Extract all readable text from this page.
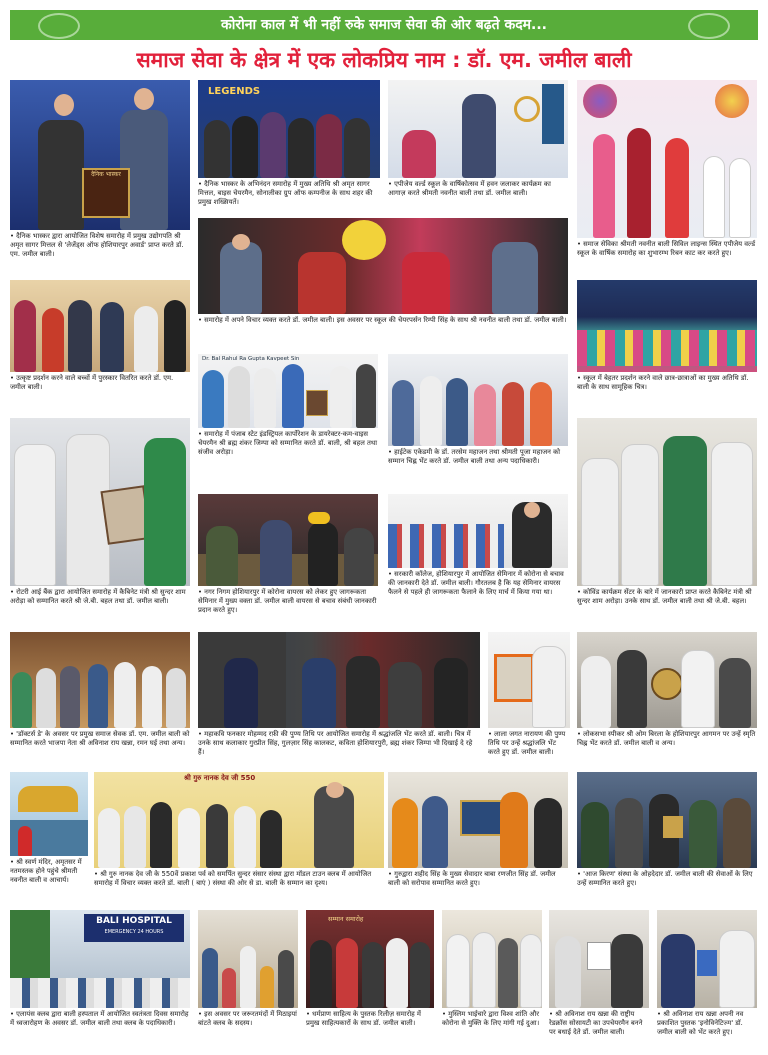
कोरोना काल में भी नहीं रुके समाज सेवा की ओर बढ़ते कदम...
समाज सेवा के क्षेत्र में एक लोकप्रिय नाम : डॉ. एम. जमील बाली
दैनिक भास्कर
• दैनिक भास्कर द्वारा आयोजित विशेष समारोह में प्रमुख उद्योगपति श्री अमृत सागर मित्तल से 'लेजेंड्स ऑफ होशियारपुर अवार्ड' प्राप्त करते डॉ. एम. जमील बाली।
LEGENDS
• दैनिक भास्कर के अभिनंदन समारोह में मुख्य अतिथि श्री अमृत सागर मित्तल, बाइस चेयरमैन, सोनालीका ग्रुप ऑफ कम्पनीज के साथ शहर की प्रमुख शख्सियतें।
• एपीजेय वर्ल्ड स्कूल के वार्षिकोत्सव में हवन जलाकर कार्यक्रम का आगाज़ करते श्रीमती नवनीत बाली तथा डॉ. जमील बाली।
• समाज सेविका श्रीमती नवनीत बाली सिविल लाइन्स स्थित एपीजेय वर्ल्ड स्कूल के वार्षिक समारोह का शुभारम्भ रिबन काट कर करते हुए।
• समारोह में अपने विचार व्यक्त करते डॉ. जमील बाली। इस अवसर पर स्कूल की चेयरपर्सन रिम्पी सिंह के साथ श्री नवनीत बाली तथा डॉ. जमील बाली।
• उत्कृष्ट प्रदर्शन करने वाले बच्चों में पुरस्कार वितरित करते डॉ. एम. जमील बाली।
• स्कूल में बेहतर प्रदर्शन करने वाले छात्र-छात्राओं का मुख्य अतिथि डॉ. बाली के साथ सामूहिक चित्र।
Dr. Bal Rahul Ra Gupta Kavpeet Sin
• समारोह में पंजाब स्टेट इंडस्ट्रियल कार्पोरेशन के डायरेक्टर-कम-वाइस चेयरमैन श्री ब्रह्म शंकर जिम्पा को सम्मानित करते डॉ. बाली, श्री बहल तथा संजीव अरोड़ा।	• हाईटेक एकेडमी के डॉ. तरसेम महाजन तथा श्रीमती पूजा महाजन को सम्मान चिह्न भेंट करते डॉ. जमील बाली तथा अन्य पदाधिकारी।
• रोटरी आई बैंक द्वारा आयोजित समारोह में कैबिनेट मंत्री श्री सुन्दर शाम अरोड़ा को सम्मानित करते श्री जे.बी. बहल तथा डॉ. जमील बाली।
• नगर निगम होशियारपुर में कोरोना वायरस को लेकर हुए जागरूकता सेमिनार में मुख्य वक्ता डॉ. जमील बाली वायरस से बचाव संबंधी जानकारी प्रदान करते हुए।
• सरकारी कॉलेज, होशियारपुर में आयोजित सेमिनार में कोरोना से बचाव की जानकारी देते डॉ. जमील बाली। गौरतलब है कि यह सेमिनार वायरस फैलने से पहले ही जागरूकता फैलाने के लिए मार्च में किया गया था।	• कोविंड कार्यक्रम सेंटर के बारे में जानकारी प्राप्त करते कैबिनेट मंत्री श्री सुन्दर शाम अरोड़ा। उनके साथ डॉ. जमील बाली तथा श्री जे.बी. बहल।
• 'डॉक्टर्स डे' के अवसर पर प्रमुख समाज सेवक डॉ. एम. जमील बाली को सम्मानित करते भाजपा नेता श्री अविनाश राय खन्ना, रमन घई तथा अन्य।
• महाकवि फनकार मोहम्मद रफ़ी की पुण्य तिथि पर आयोजित समारोह में श्रद्धांजलि भेंट करते डॉ. बाली। चित्र में उनके साथ कलाकार गुरप्रीत सिंह, गुलज़ार सिंह कालकट, कविता होशियारपुरी, ब्रह्म शंकर जिम्पा भी दिखाई दे रहे हैं।
• लाला जगत नारायण की पुण्य तिथि पर उन्हें श्रद्धांजलि भेंट करते हुए डॉ. जमील बाली।
• लोकसभा स्पीकर श्री ओम बिरला के होशियारपुर आगमन पर उन्हें स्मृति चिह्न भेंट करते डॉ. जमील बाली व अन्य।
• श्री स्वर्ण मंदिर, अमृतसर में नतमस्तक होने पहुंचे श्रीमती नवनीत बाली व आचार्य।
श्री गुरु नानक देव जी 550
• श्री गुरु नानक देव जी के 550वें प्रकाश पर्व को समर्पित सुन्दर संसार संस्था द्वारा मॉडल टाउन क्लब में आयोजित समारोह में विचार व्यक्त करते डॉ. बाली ( बाएं ) संस्था की ओर से डा. बाली के सम्मान का दृश्य।
• गुरुद्वारा शहीद सिंह के मुख्य सेवादार बाबा रणजीत सिंह डॉ. जमील बाली को सरोपाव सम्मानित करते हुए।
• 'आज किरण' संस्था के ओहदेदार डॉ. जमील बाली की सेवाओं के लिए उन्हें सम्मानित करते हुए।
BALI HOSPITAL
EMERGENCY 24 HOURS
• एलायंस क्लब द्वारा बाली हस्पताल में आयोजित स्वतंत्रता दिवस समारोह में ध्वजारोहण के अवसर डॉ. जमील बाली तथा क्लब के पदाधिकारी।
• इस अवसर पर जरूरतमंदों में मिठाइयां बांटते क्लब के सदस्य।
सम्मान समारोह
• धर्मप्राण साहित्य के पुस्तक रिलीज़ समारोह में प्रमुख साहित्यकारों के साथ डॉ. जमील बाली।
• मुस्लिम भाईचारे द्वारा विश्व शांति और कोरोना से मुक्ति के लिए मांगी गई दुआ।
• श्री अविनाश राय खन्ना की राष्ट्रीय रेडक्रॉस सोसायटी का उपचेयरमैन बनने पर बधाई देते डॉ. जमील बाली।
• श्री अविनाश राय खन्ना अपनी नव प्रकाशित पुस्तक 'इनोविनेटिज्म' डॉ. जमील बाली को भेंट करते हुए।
